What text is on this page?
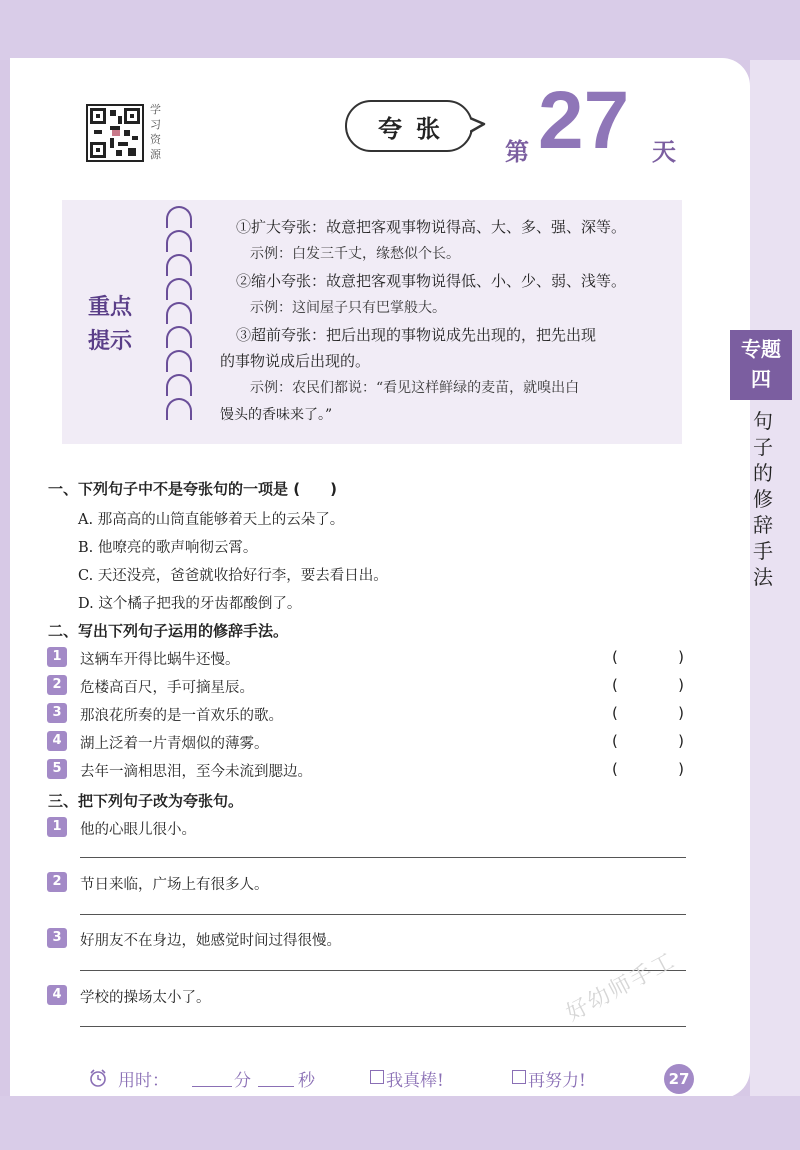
学习资源
夸张
第 27 天
重点
提示
①扩大夸张：故意把客观事物说得高、大、多、强、深等。
示例：白发三千丈，缘愁似个长。
②缩小夸张：故意把客观事物说得低、小、少、弱、浅等。
示例：这间屋子只有巴掌般大。
③超前夸张：把后出现的事物说成先出现的，把先出现
的事物说成后出现的。
示例：农民们都说：“看见这样鲜绿的麦苗，就嗅出白
馒头的香味来了。”
专题
四
句子的修辞手法
一、下列句子中不是夸张句的一项是 (　　)
A. 那高高的山筒直能够着天上的云朵了。
B. 他嘹亮的歌声响彻云霄。
C. 天还没亮，爸爸就收拾好行李，要去看日出。
D. 这个橘子把我的牙齿都酸倒了。
二、写出下列句子运用的修辞手法。
1	这辆车开得比蜗牛还慢。	(	)
2	危楼高百尺，手可摘星辰。	(	)
3	那浪花所奏的是一首欢乐的歌。	(	)
4	湖上泛着一片青烟似的薄雾。	(	)
5	去年一滴相思泪，至今未流到腮边。	(	)
三、把下列句子改为夸张句。
1	他的心眼儿很小。
2	节日来临，广场上有很多人。
3	好朋友不在身边，她感觉时间过得很慢。
4	学校的操场太小了。	好幼师手工
用时：	分	秒	我真棒!	再努力!	27
